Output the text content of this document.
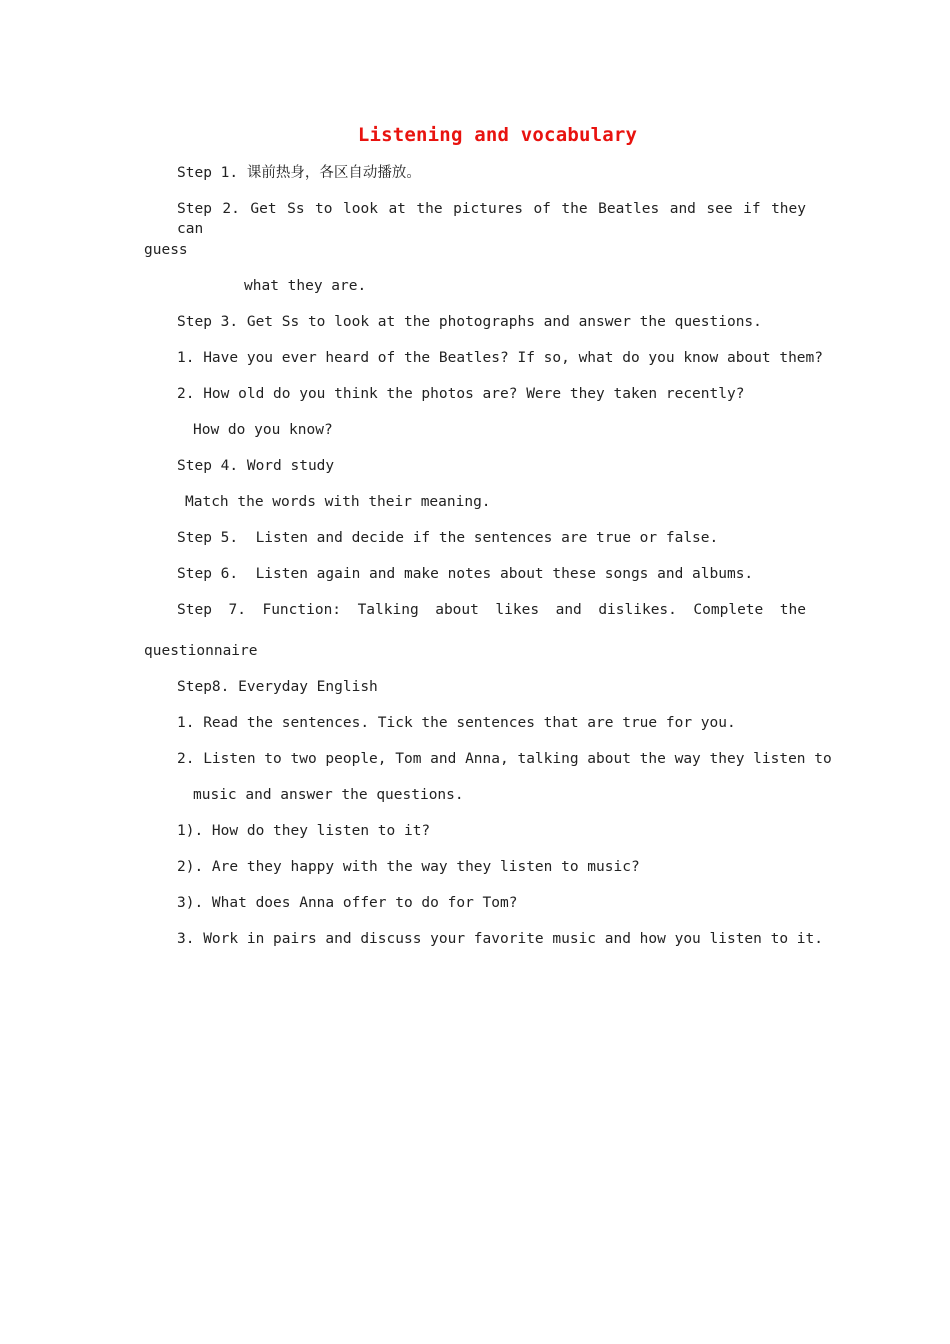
Listening and vocabulary
Step 1. 课前热身，各区自动播放。
Step 2. Get Ss to look at the pictures of the Beatles and see if they can
guess
what they are.
Step 3. Get Ss to look at the photographs and answer the questions.
1. Have you ever heard of the Beatles? If so, what do you know about them?
2. How old do you think the photos are? Were they taken recently?
How do you know?
Step 4. Word study
Match the words with their meaning.
Step 5.  Listen and decide if the sentences are true or false.
Step 6.  Listen again and make notes about these songs and albums.
Step 7. Function: Talking about likes and dislikes. Complete the
questionnaire
Step8. Everyday English
1. Read the sentences. Tick the sentences that are true for you.
2. Listen to two people, Tom and Anna, talking about the way they listen to
music and answer the questions.
1). How do they listen to it?
2). Are they happy with the way they listen to music?
3). What does Anna offer to do for Tom?
3. Work in pairs and discuss your favorite music and how you listen to it.
